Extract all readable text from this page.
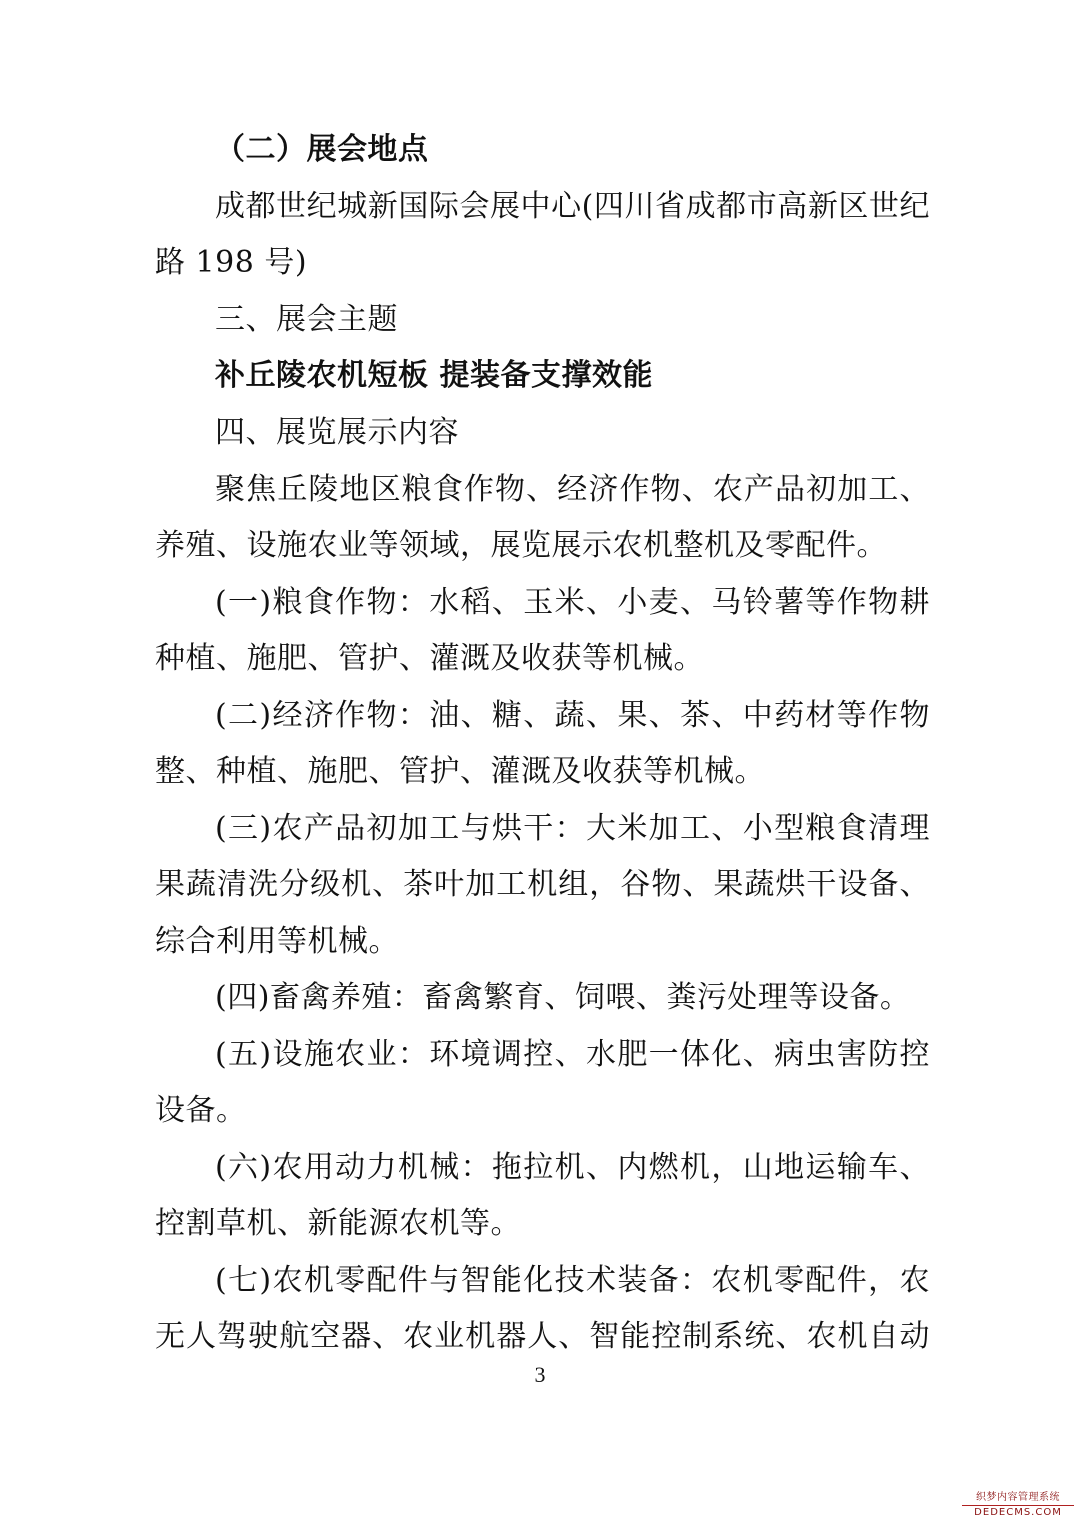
（二）展会地点
成都世纪城新国际会展中心(四川省成都市高新区世纪
路 198 号)
三、展会主题
补丘陵农机短板 提装备支撑效能
四、展览展示内容
聚焦丘陵地区粮食作物、经济作物、农产品初加工、
养殖、设施农业等领域，展览展示农机整机及零配件。
(一)粮食作物：水稻、玉米、小麦、马铃薯等作物耕
种植、施肥、管护、灌溉及收获等机械。
(二)经济作物：油、糖、蔬、果、茶、中药材等作物
整、种植、施肥、管护、灌溉及收获等机械。
(三)农产品初加工与烘干：大米加工、小型粮食清理
果蔬清洗分级机、茶叶加工机组，谷物、果蔬烘干设备、
综合利用等机械。
(四)畜禽养殖：畜禽繁育、饲喂、粪污处理等设备。
(五)设施农业：环境调控、水肥一体化、病虫害防控
设备。
(六)农用动力机械：拖拉机、内燃机，山地运输车、
控割草机、新能源农机等。
(七)农机零配件与智能化技术装备：农机零配件，农
无人驾驶航空器、农业机器人、智能控制系统、农机自动
3
织梦内容管理系统
DEDECMS.COM
